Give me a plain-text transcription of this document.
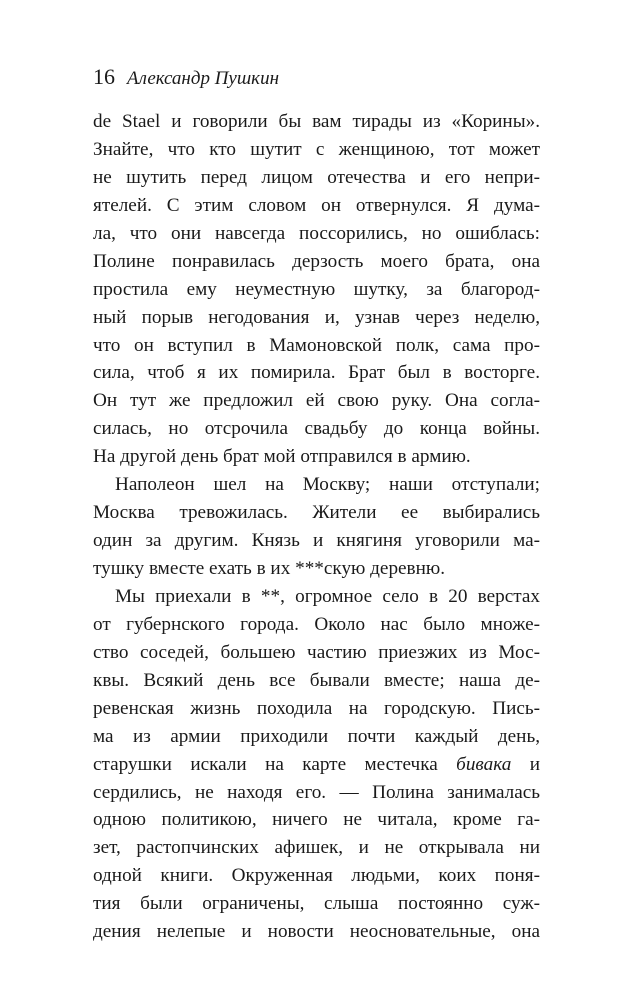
16 Александр Пушкин
de Stael и говорили бы вам тирады из «Корины».
Знайте, что кто шутит с женщиною, тот может
не шутить перед лицом отечества и его непри-
ятелей. С этим словом он отвернулся. Я дума-
ла, что они навсегда поссорились, но ошиблась:
Полине понравилась дерзость моего брата, она
простила ему неуместную шутку, за благород-
ный порыв негодования и, узнав через неделю,
что он вступил в Мамоновской полк, сама про-
сила, чтоб я их помирила. Брат был в восторге.
Он тут же предложил ей свою руку. Она согла-
силась, но отсрочила свадьбу до конца войны.
На другой день брат мой отправился в армию.
Наполеон шел на Москву; наши отступали;
Москва тревожилась. Жители ее выбирались
один за другим. Князь и княгиня уговорили ма-
тушку вместе ехать в их ***скую деревню.
Мы приехали в **, огромное село в 20 верстах
от губернского города. Около нас было множе-
ство соседей, большею частию приезжих из Мос-
квы. Всякий день все бывали вместе; наша де-
ревенская жизнь походила на городскую. Пись-
ма из армии приходили почти каждый день,
старушки искали на карте местечка бивака и
сердились, не находя его. — Полина занималась
одною политикою, ничего не читала, кроме га-
зет, растопчинских афишек, и не открывала ни
одной книги. Окруженная людьми, коих поня-
тия были ограничены, слыша постоянно суж-
дения нелепые и новости неосновательные, она
